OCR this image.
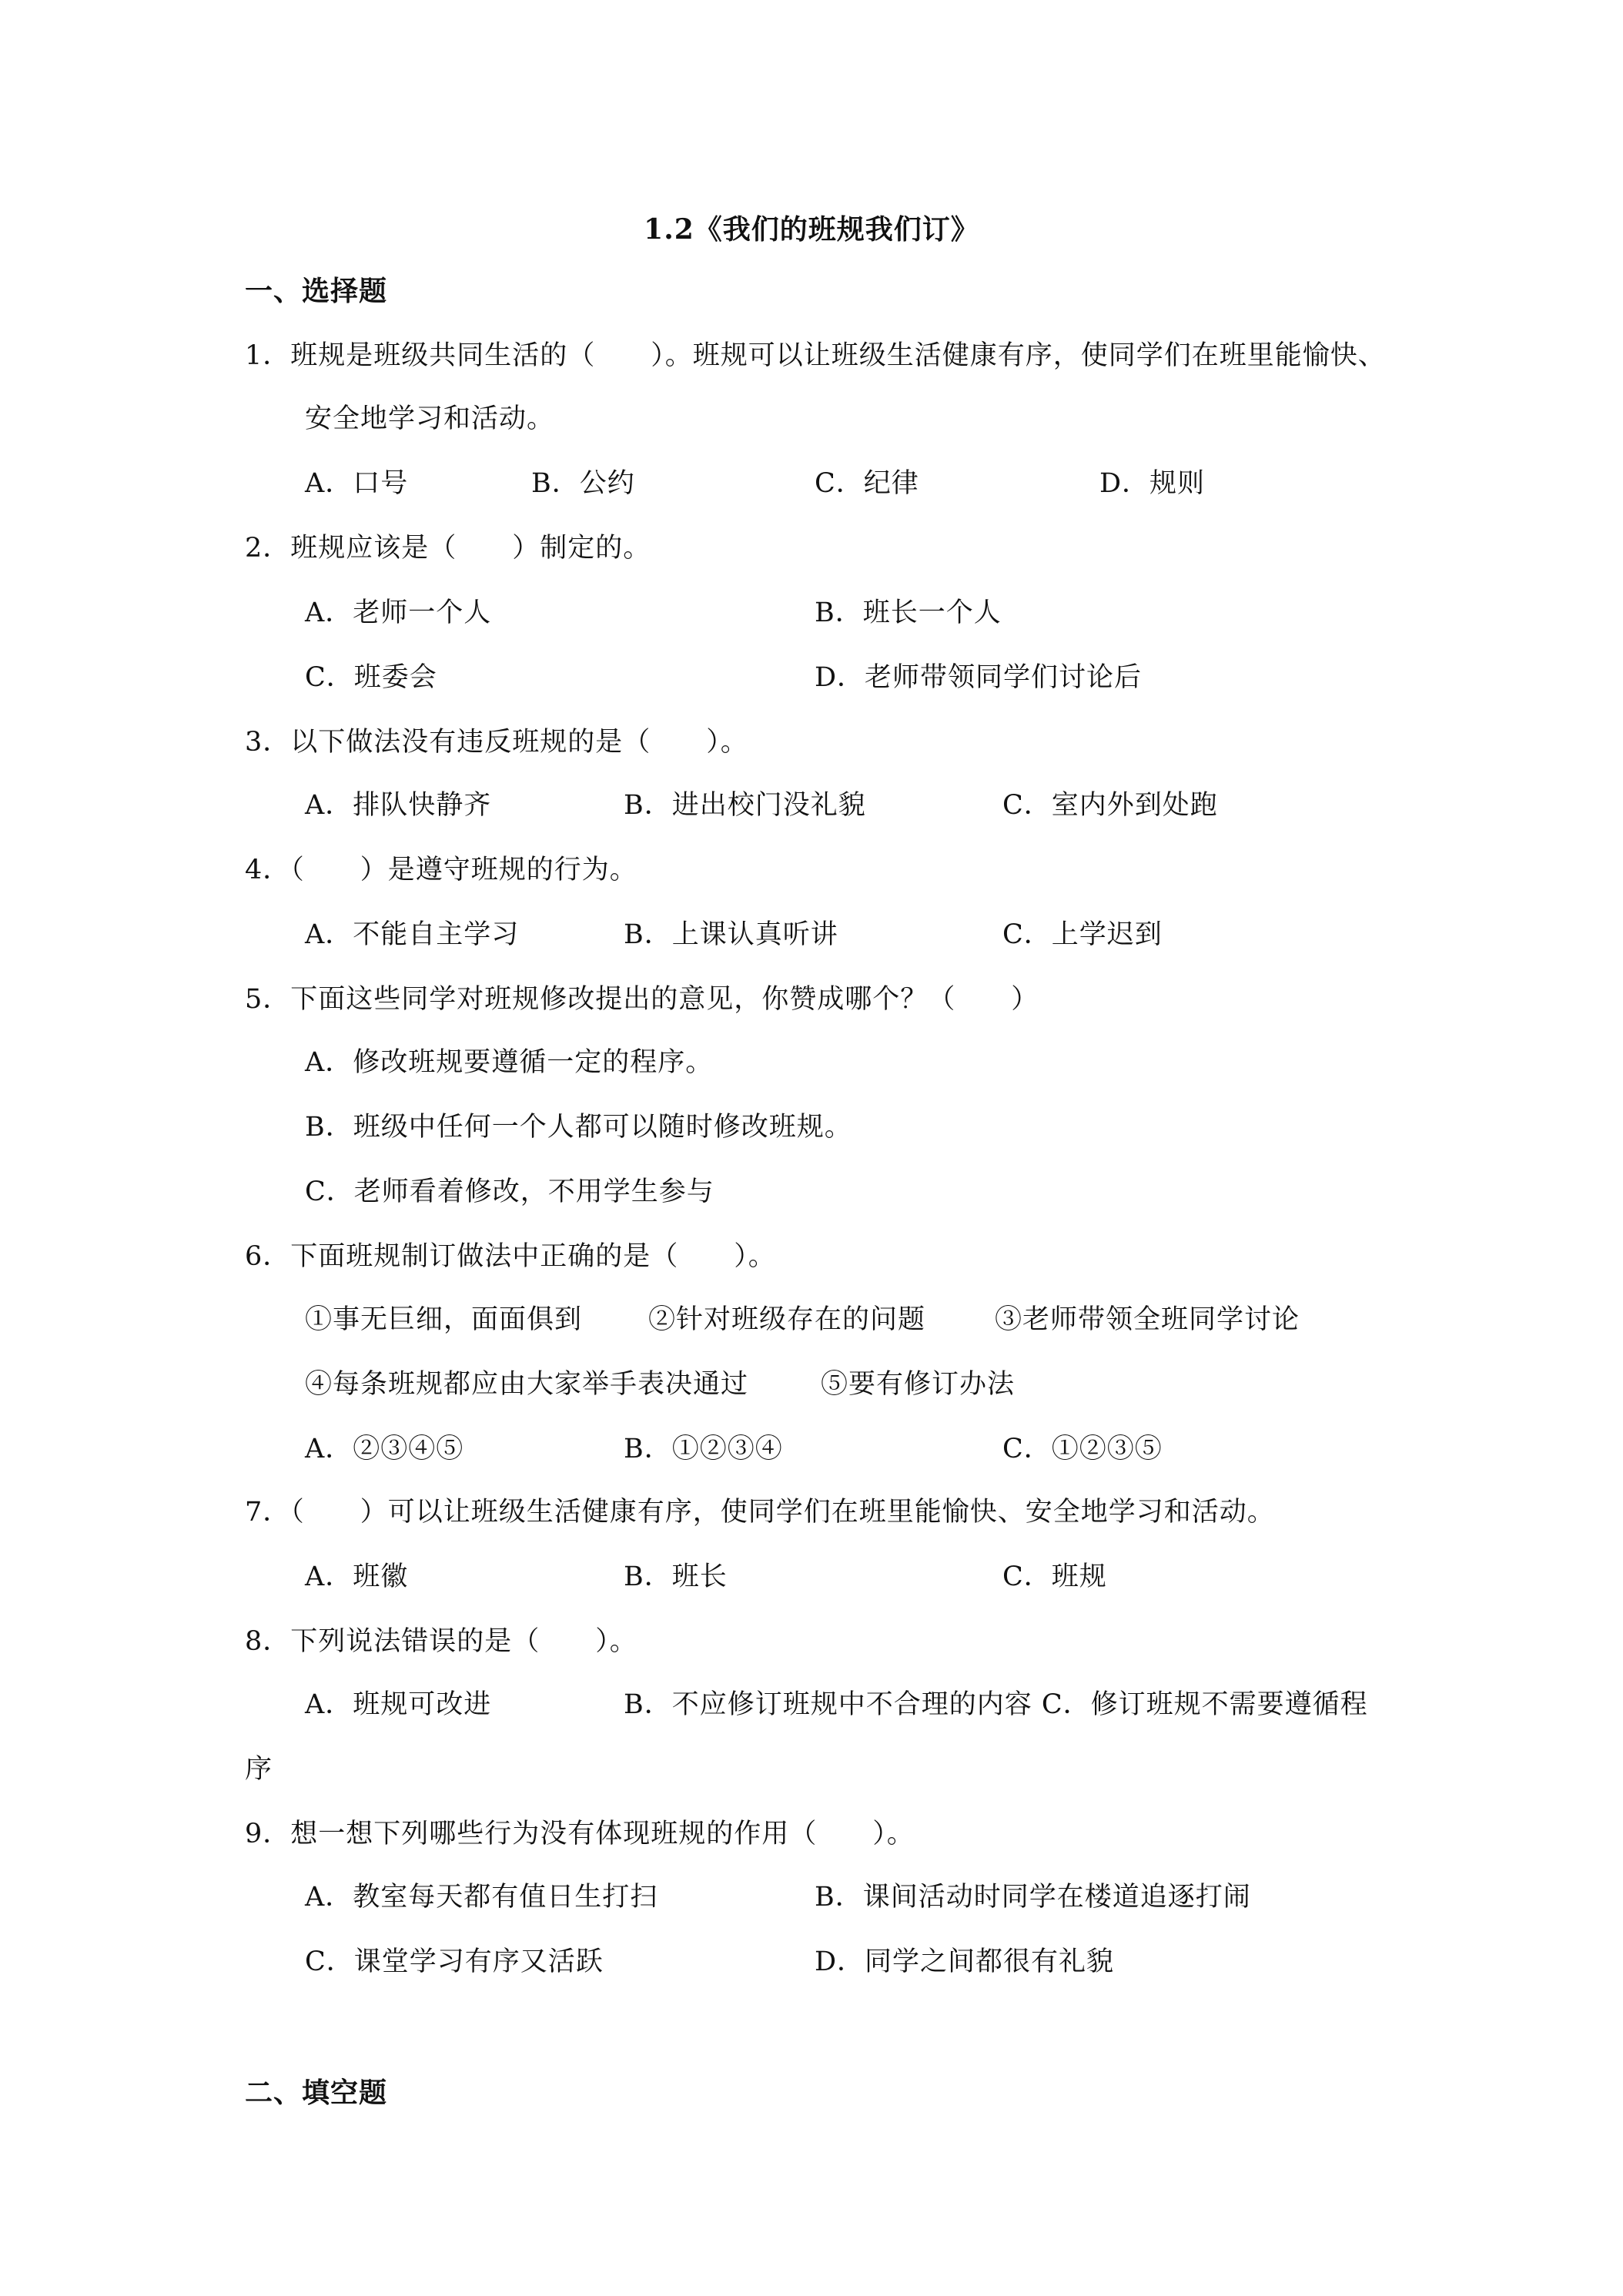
1.2《我们的班规我们订》
一、选择题
1．班规是班级共同生活的（　　）。班规可以让班级生活健康有序，使同学们在班里能愉快、
安全地学习和活动。
A．口号	B．公约	C．纪律	D．规则
2．班规应该是（　　）制定的。
A．老师一个人	B．班长一个人
C．班委会	D．老师带领同学们讨论后
3．以下做法没有违反班规的是（　　）。
A．排队快静齐	B．进出校门没礼貌	C．室内外到处跑
4．（　　）是遵守班规的行为。
A．不能自主学习	B．上课认真听讲	C．上学迟到
5．下面这些同学对班规修改提出的意见，你赞成哪个？（　　）
A．修改班规要遵循一定的程序。
B．班级中任何一个人都可以随时修改班规。
C．老师看着修改，不用学生参与
6．下面班规制订做法中正确的是（　　）。
①事无巨细，面面俱到 ②针对班级存在的问题	③老师带领全班同学讨论
④每条班规都应由大家举手表决通过	⑤要有修订办法
A．②③④⑤	B．①②③④	C．①②③⑤
7．（　　）可以让班级生活健康有序，使同学们在班里能愉快、安全地学习和活动。
A．班徽	B．班长	C．班规
8．下列说法错误的是（　　）。
A．班规可改进	B．不应修订班规中不合理的内容 C．修订班规不需要遵循程
序
9．想一想下列哪些行为没有体现班规的作用（　　）。
A．教室每天都有值日生打扫	B．课间活动时同学在楼道追逐打闹
C．课堂学习有序又活跃	D．同学之间都很有礼貌
二、填空题
